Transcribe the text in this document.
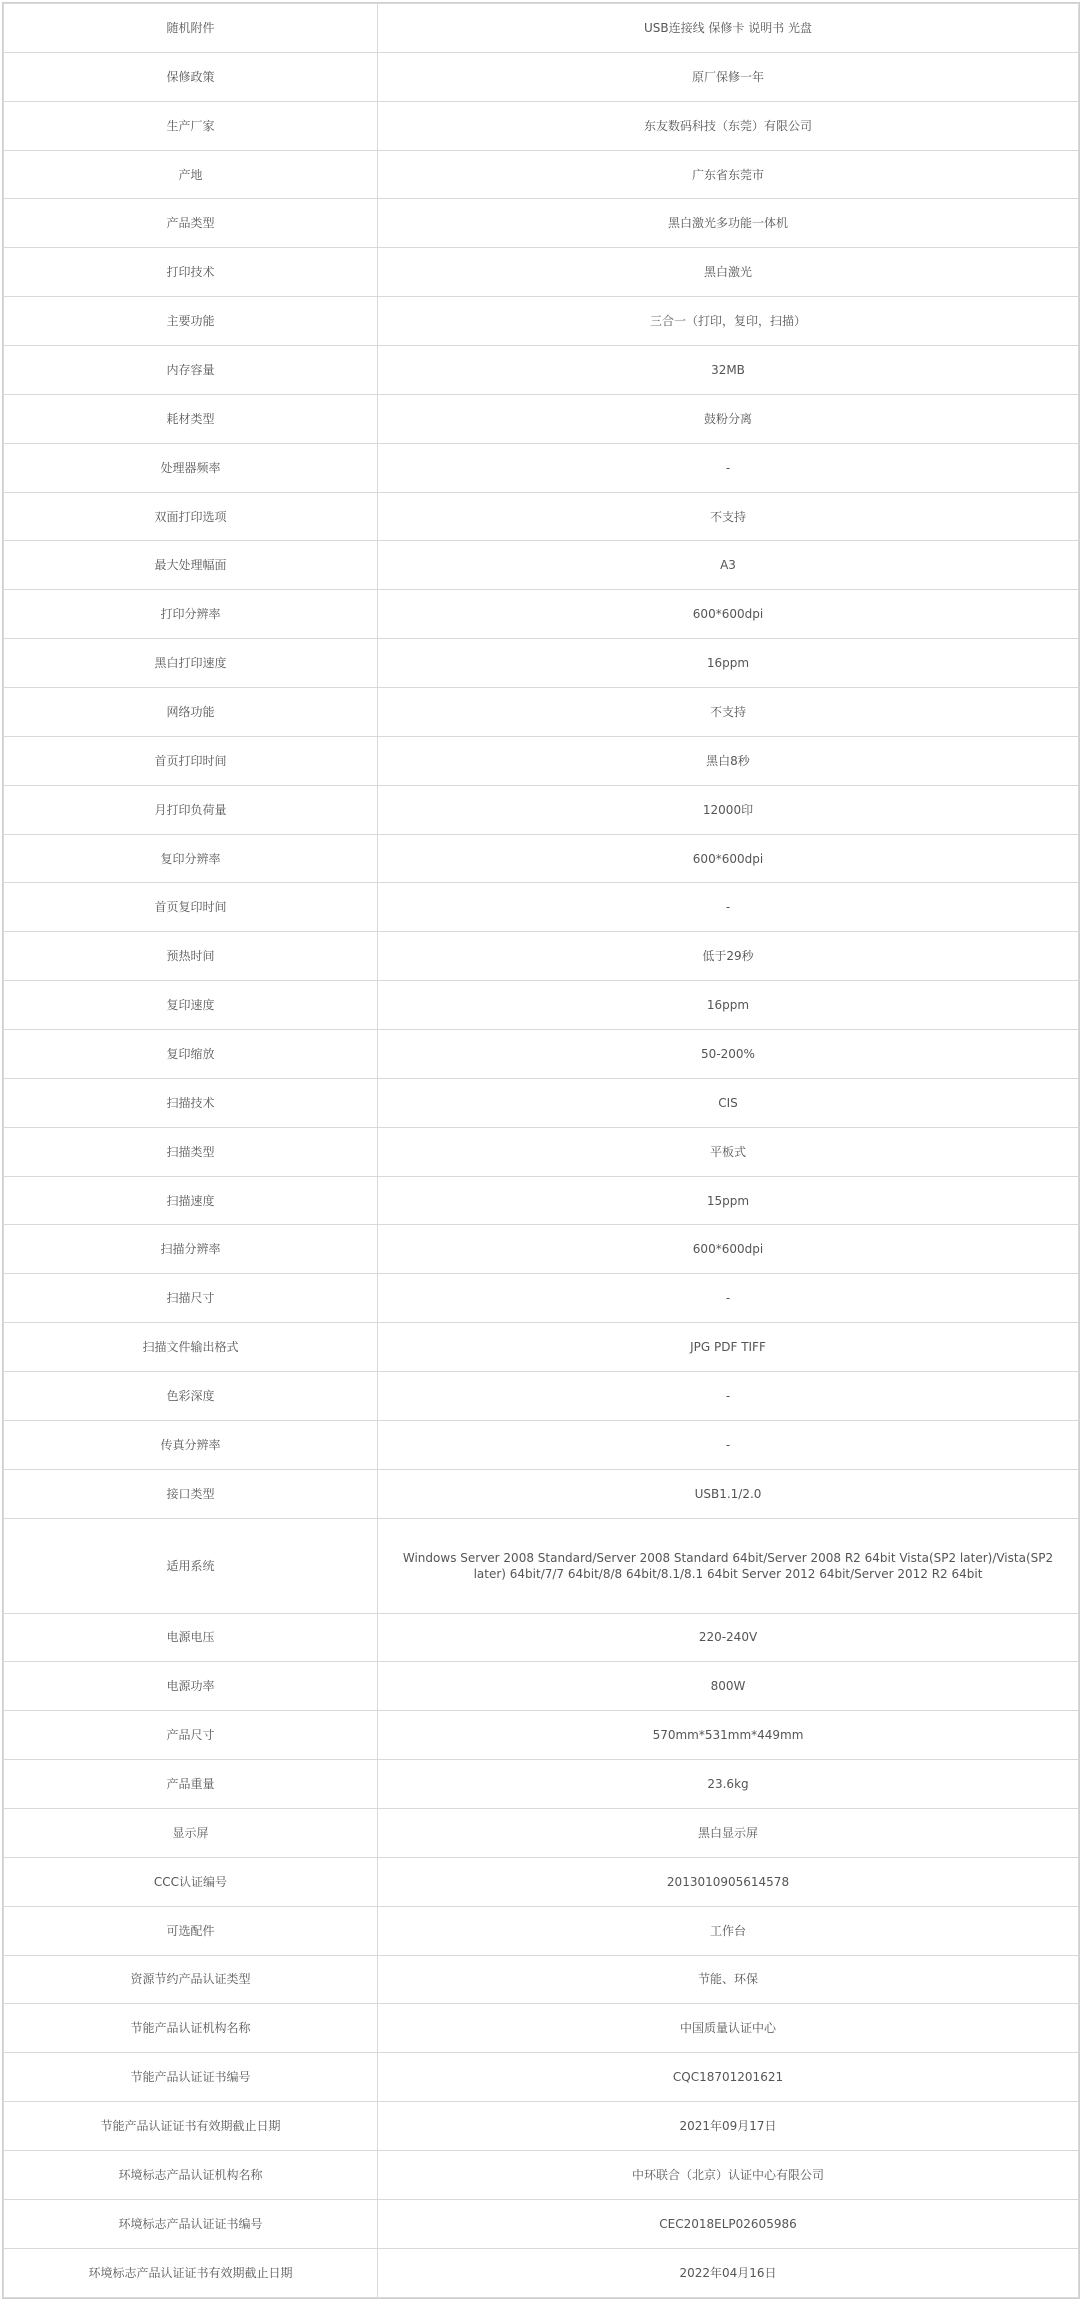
随机附件	USB连接线 保修卡 说明书 光盘
保修政策	原厂保修一年
生产厂家	东友数码科技（东莞）有限公司
产地	广东省东莞市
产品类型	黑白激光多功能一体机
打印技术	黑白激光
主要功能	三合一（打印，复印，扫描）
内存容量	32MB
耗材类型	鼓粉分离
处理器频率	-
双面打印选项	不支持
最大处理幅面	A3
打印分辨率	600*600dpi
黑白打印速度	16ppm
网络功能	不支持
首页打印时间	黑白8秒
月打印负荷量	12000印
复印分辨率	600*600dpi
首页复印时间	-
预热时间	低于29秒
复印速度	16ppm
复印缩放	50-200%
扫描技术	CIS
扫描类型	平板式
扫描速度	15ppm
扫描分辨率	600*600dpi
扫描尺寸	-
扫描文件输出格式	JPG PDF TIFF
色彩深度	-
传真分辨率	-
接口类型	USB1.1/2.0
适用系统	Windows Server 2008 Standard/Server 2008 Standard 64bit/Server 2008 R2 64bit Vista(SP2 later)/Vista(SP2 later) 64bit/7/7 64bit/8/8 64bit/8.1/8.1 64bit Server 2012 64bit/Server 2012 R2 64bit
电源电压	220-240V
电源功率	800W
产品尺寸	570mm*531mm*449mm
产品重量	23.6kg
显示屏	黑白显示屏
CCC认证编号	2013010905614578
可选配件	工作台
资源节约产品认证类型	节能、环保
节能产品认证机构名称	中国质量认证中心
节能产品认证证书编号	CQC18701201621
节能产品认证证书有效期截止日期	2021年09月17日
环境标志产品认证机构名称	中环联合（北京）认证中心有限公司
环境标志产品认证证书编号	CEC2018ELP02605986
环境标志产品认证证书有效期截止日期	2022年04月16日
